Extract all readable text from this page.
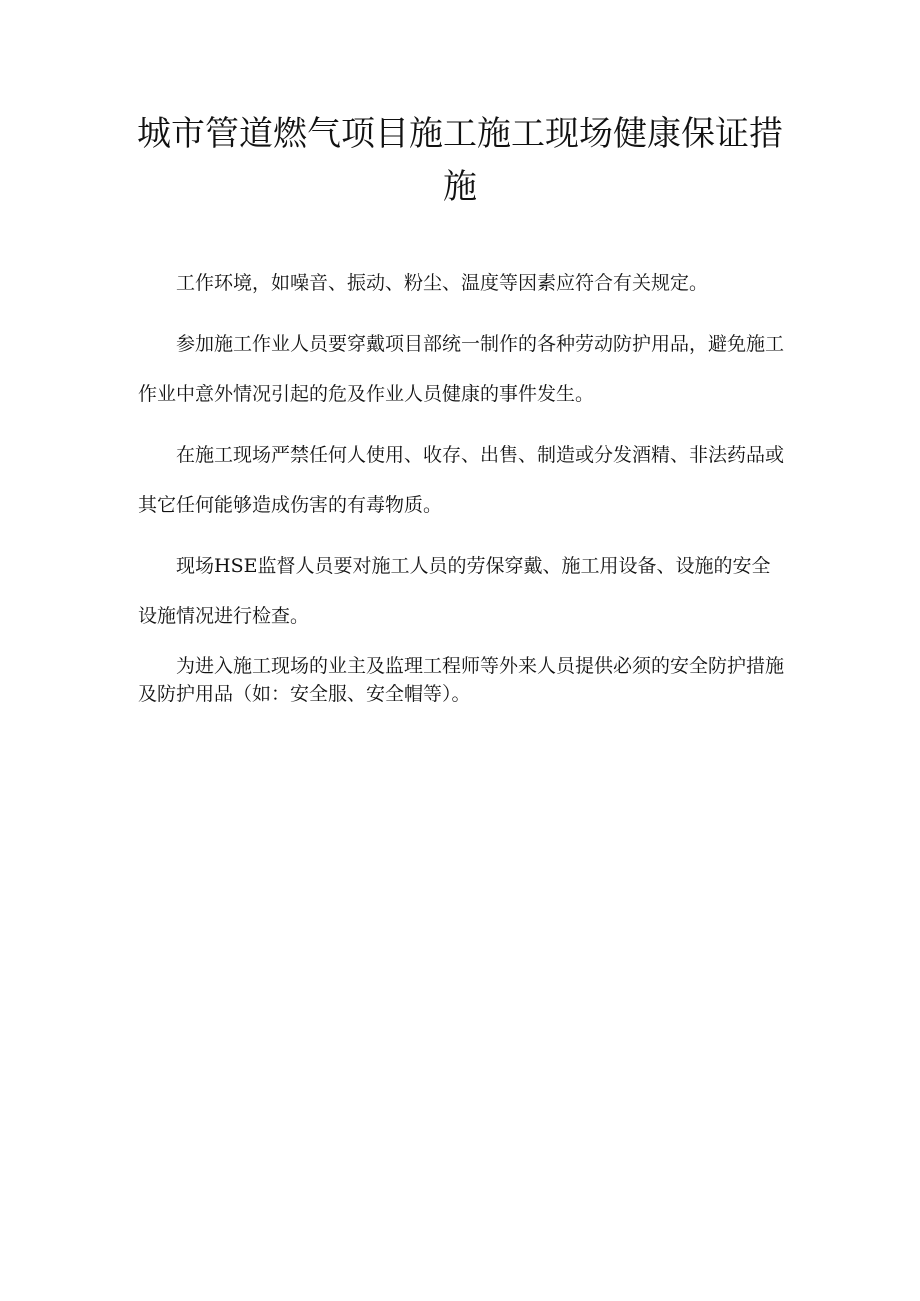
城市管道燃气项目施工施工现场健康保证措施

工作环境，如噪音、振动、粉尘、温度等因素应符合有关规定。

参加施工作业人员要穿戴项目部统一制作的各种劳动防护用品，避免施工作业中意外情况引起的危及作业人员健康的事件发生。

在施工现场严禁任何人使用、收存、出售、制造或分发酒精、非法药品或其它任何能够造成伤害的有毒物质。

现场HSE监督人员要对施工人员的劳保穿戴、施工用设备、设施的安全设施情况进行检查。

为进入施工现场的业主及监理工程师等外来人员提供必须的安全防护措施及防护用品（如：安全服、安全帽等）。
